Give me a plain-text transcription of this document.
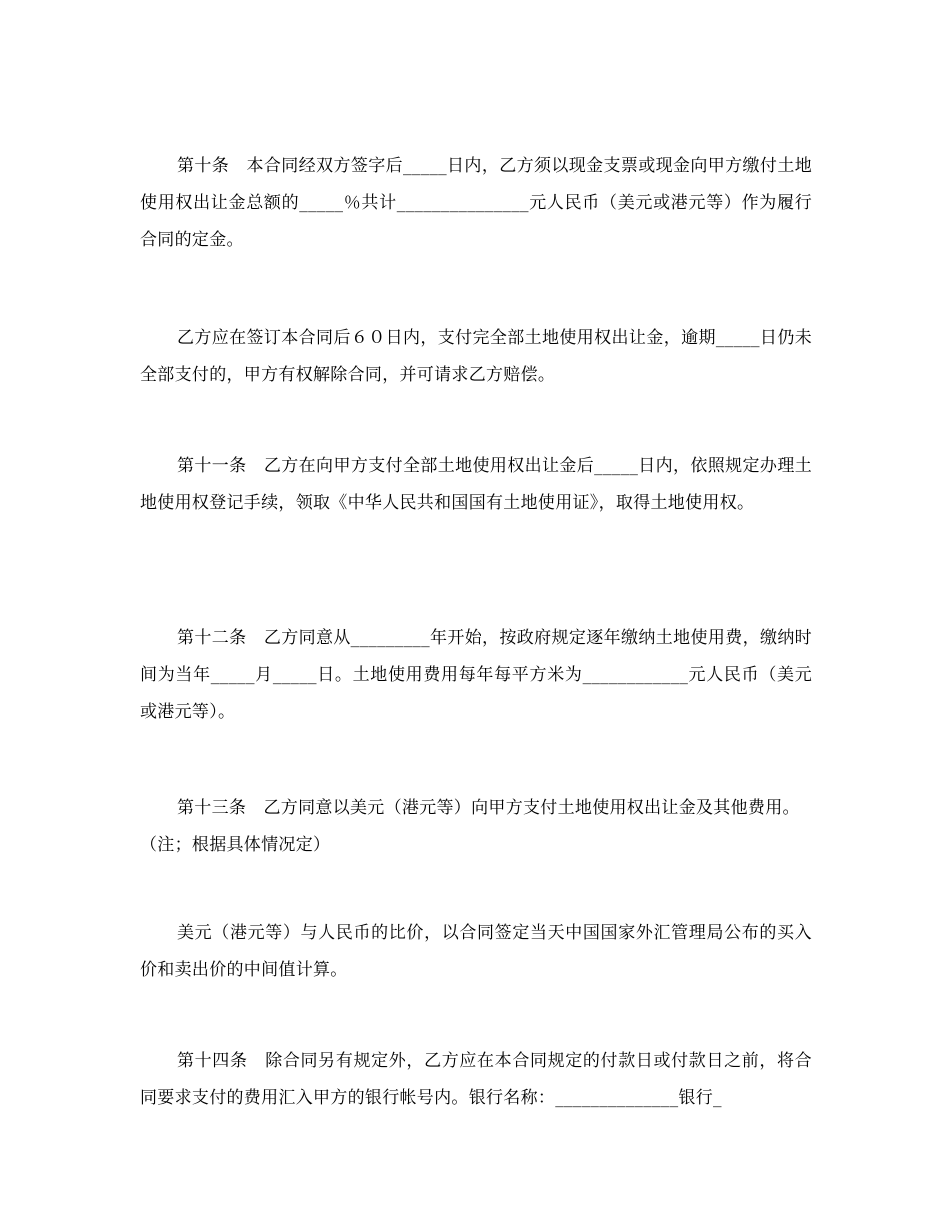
第十条　本合同经双方签字后_____日内，乙方须以现金支票或现金向甲方缴付土地使用权出让金总额的_____％共计_______________元人民币（美元或港元等）作为履行合同的定金。

乙方应在签订本合同后６０日内，支付完全部土地使用权出让金，逾期_____日仍未全部支付的，甲方有权解除合同，并可请求乙方赔偿。

第十一条　乙方在向甲方支付全部土地使用权出让金后_____日内，依照规定办理土地使用权登记手续，领取《中华人民共和国国有土地使用证》，取得土地使用权。

第十二条　乙方同意从_________年开始，按政府规定逐年缴纳土地使用费，缴纳时间为当年_____月_____日。土地使用费用每年每平方米为____________元人民币（美元或港元等）。

第十三条　乙方同意以美元（港元等）向甲方支付土地使用权出让金及其他费用。（注；根据具体情况定）

美元（港元等）与人民币的比价，以合同签定当天中国国家外汇管理局公布的买入价和卖出价的中间值计算。

第十四条　除合同另有规定外，乙方应在本合同规定的付款日或付款日之前，将合同要求支付的费用汇入甲方的银行帐号内。银行名称：______________银行_
